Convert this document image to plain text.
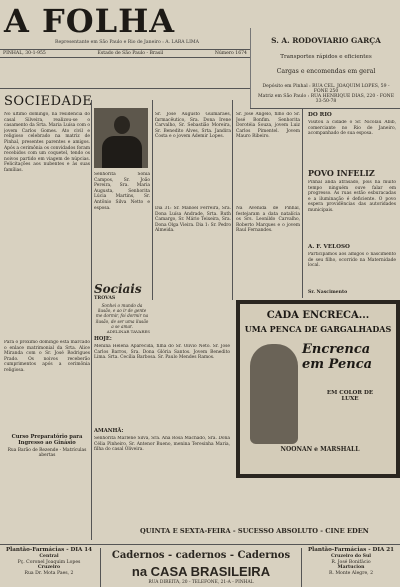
A FOLHA
Representante em São Paulo e Rio de Janeiro : A. LARA LIMA
PINHAL, 30-1-955	Estado de São Paulo - Brasil	Número 1674
S. A. RODOVIARIO GARÇA
Transportes rápidos e eficientes
Cargas e encomendas em geral
Depósito em Pinhal : RUA CEL. JOAQUIM LOPES, 59 - FONE 250
Matriz em São Paulo : RUA HENRIQUE DIAS, 220 - FONE 33-50-78
SOCIEDADE
No último domingo, na residência do casal Silveira, realizou-se o casamento da Srta. Maria Luísa com o jovem Carlos Gomes. Ato civil e religioso celebrado na matriz de Pinhal, presentes parentes e amigos. Após a cerimônia os convidados foram recebidos com um coquetel, tendo os noivos partido em viagem de núpcias. Felicitações aos nubentes e às suas famílias.
Para o próximo domingo está marcado o enlace matrimonial da Srta. Alice Miranda com o Sr. José Rodrigues Prado. Os noivos receberão cumprimentos após a cerimônia religiosa.
Curso Preparatório para Ingresso ao Ginásio
Rua Barão de Rezende - Matrículas abertas
Senhorita Sonia Campos, Sr. João Pereira, Sra. Maria Augusta, Senhorita Lúcia Martins, Sr. Antônio Silva Netto e esposa.
Sociais
TROVAS
Sonhei o mundo da ilusão, e ao ir de gente me dormir, foi dormir na ilusão, de ser uma ilusão a se amar.
ADELINAR TAVARES
HOJE:
Menina Helena Aparecida, filha do Sr. Olívio Neto. Sr. José Carlos Barros, Sra. Dona Glória Santos. Jovem Benedito Lima. Srta. Cecília Barbosa. Sr. Paulo Mendes Ramos.
AMANHÃ:
Senhorita Marlene Silva, Sra. Ana Rosa Machado, Sra. Dona Célia Pinheiro, Sr. Antenor Bueno, menina Teresinha Maria, filha do casal Oliveira.
Sr. José Augusto Guimarães, farmacêutico, Sra. Dona Irene Carvalho, Sr. Sebastião Moreira, Sr. Benedito Alves, Srta. Jandira Costa e o jovem Ademir Lopes.
Dia 31: Sr. Manoel Ferreira, Sra. Dona Luísa Andrade, Srta. Ruth Camargo, Sr. Mário Teixeira, Sra. Dona Olga Vieira. Dia 1: Sr. Pedro Almeida.
Sr. José Ângelo, filho do Sr. José Bonfim. Senhorita Dorotéia Souza, jovem Luiz Carlos Pimentel. Jovem Mauro Ribeiro.
Na Avenida de Pinhal, festejaram a data natalícia os Srs. Leonildo Carvalho, Roberto Marques e o jovem Raul Fernandes.
DO RIO
Visitou a cidade o Sr. Nicolau Abib, comerciante no Rio de Janeiro, acompanhado de sua esposa.
POVO INFELIZ
Pinhal anda atrasado, pois há muito tempo ninguém ouve falar em progresso. As ruas estão esburacadas e a iluminação é deficiente. O povo espera providências das autoridades municipais.
A. F. VELOSO
Participamos aos amigos o nascimento de seu filho, ocorrido na Maternidade local.
Sr. Nascimento
CADA ENCRECA...
UMA PENCA DE GARGALHADAS
Encrenca em Penca
EM COLOR DE LUXE
NOONAN e MARSHALL
QUINTA E SEXTA-FEIRA - SUCESSO ABSOLUTO - CINE EDEN
Plantão-Farmácias - DIA 14
Central
Pç. Coronel Joaquim Lopes
Cruzeiro
Rua Dr. Mota Paes, 2
Cadernos - cadernos - Cadernos
na CASA BRASILEIRA
RUA DIREITA, 20 - TELEFONE, 21-A - PINHAL
Plantão-Farmácias - DIA 21
Cruzeiro do Sul
R. José Bonifácio
Martucion
R. Monte Alegre, 2
